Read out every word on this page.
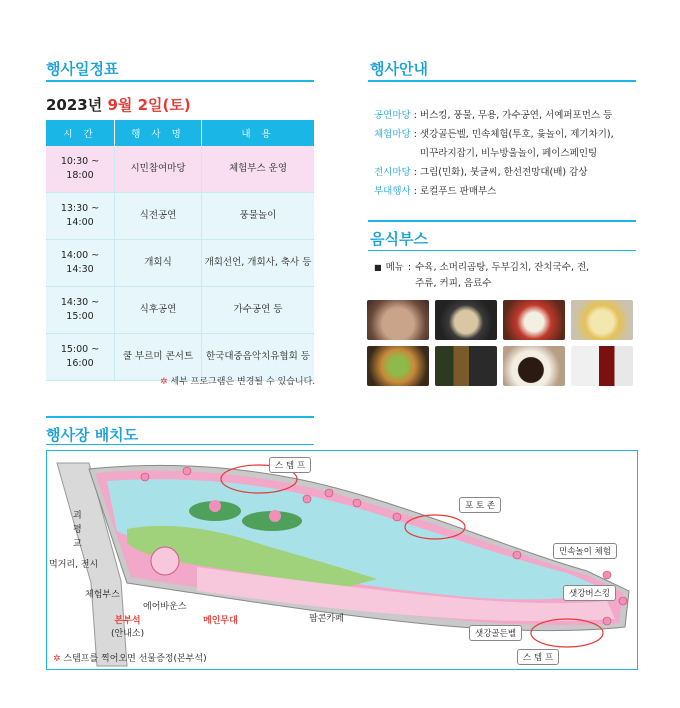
행사일정표
2023년 9월 2일(토)
시 간	행 사 명	내 용
10:30 ~
18:00	시민참여마당	체험부스 운영
13:30 ~
14:00	식전공연	풍물놀이
14:00 ~
14:30	개회식	개회선언, 개회사, 축사 등
14:30 ~
15:00	식후공연	가수공연 등
15:00 ~
16:00	쿨 부르미 콘서트	한국대중음악치유협회 등
✲ 세부 프로그램은 변경될 수 있습니다.
행사안내
공연마당 : 버스킹, 풍물, 무용, 가수공연, 서예퍼포먼스 등
체험마당 : 샛강골든벨, 민속체험(투호, 윷놀이, 제기차기),
미꾸라지잡기, 비누방울놀이, 페이스페인팅
전시마당 : 그림(민화), 붓글씨, 한선전망대(배) 감상
부대행사 : 로컬푸드 판매부스
음식부스
■ 메뉴 : 수육, 소머리곰탕, 두부김치, 잔치국수, 전,
주류, 커피, 음료수
행사장 배치도
스 템 프
포 토 존
괴 평 교
먹거리, 전시
민속놀이 체험
체험부스
에어바운스
샛강버스킹
본부석
(안내소)
메인무대	팝콘카페
샛강골든벨
스 템 프
✲ 스템프를 찍어오면 선물증정(본부석)
